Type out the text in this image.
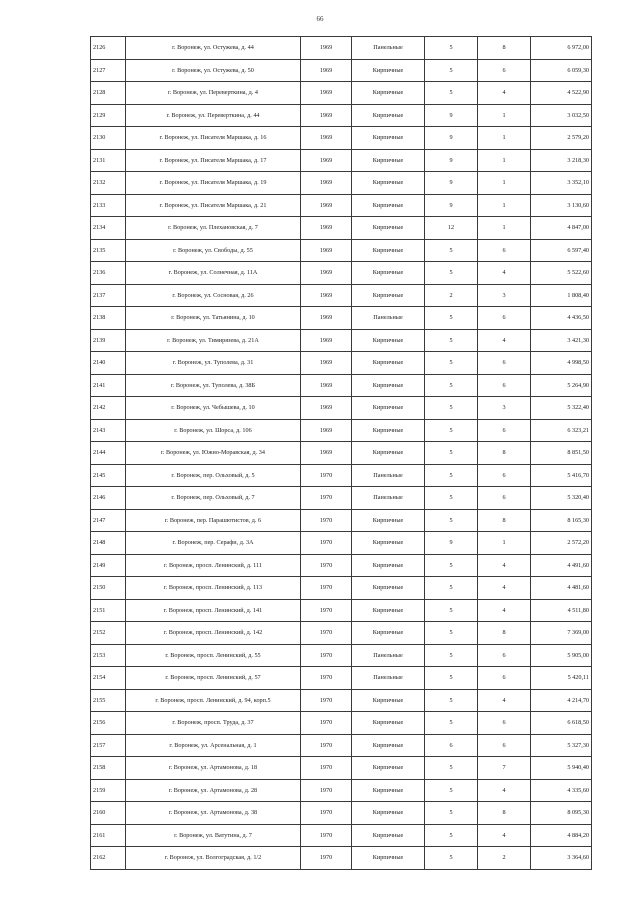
66
2126	г. Воронеж, ул. Остужева, д. 44	1969	Панельные	5	8	6 972,00
2127	г. Воронеж, ул. Остужева, д. 50	1969	Кирпичные	5	6	6 059,30
2128	г. Воронеж, ул. Переверткина, д. 4	1969	Кирпичные	5	4	4 522,90
2129	г. Воронеж, ул. Переверткина, д. 44	1969	Кирпичные	9	1	3 032,50
2130	г. Воронеж, ул. Писателя Маршака, д. 16	1969	Кирпичные	9	1	2 579,20
2131	г. Воронеж, ул. Писателя Маршака, д. 17	1969	Кирпичные	9	1	3 218,30
2132	г. Воронеж, ул. Писателя Маршака, д. 19	1969	Кирпичные	9	1	3 352,10
2133	г. Воронеж, ул. Писателя Маршака, д. 21	1969	Кирпичные	9	1	3 130,60
2134	г. Воронеж, ул. Плехановская, д. 7	1969	Кирпичные	12	1	4 847,00
2135	г. Воронеж, ул. Свободы, д. 55	1969	Кирпичные	5	6	6 597,40
2136	г. Воронеж, ул. Солнечная, д. 11А	1969	Кирпичные	5	4	5 522,60
2137	г. Воронеж, ул. Сосновая, д. 26	1969	Кирпичные	2	3	1 808,40
2138	г. Воронеж, ул. Татьянина, д. 10	1969	Панельные	5	6	4 436,50
2139	г. Воронеж, ул. Тимирязева, д. 21А	1969	Кирпичные	5	4	3 421,30
2140	г. Воронеж, ул. Туполева, д. 31	1969	Кирпичные	5	6	4 998,50
2141	г. Воронеж, ул. Туполева, д. 38Б	1969	Кирпичные	5	6	5 264,90
2142	г. Воронеж, ул. Чебышева, д. 10	1969	Кирпичные	5	3	5 322,40
2143	г. Воронеж, ул. Шорса, д. 106	1969	Кирпичные	5	6	6 323,21
2144	г. Воронеж, ул. Южно-Моравская, д. 34	1969	Кирпичные	5	8	8 851,50
2145	г. Воронеж, пер. Ольховый, д. 5	1970	Панельные	5	6	5 416,70
2146	г. Воронеж, пер. Ольховый, д. 7	1970	Панельные	5	6	5 320,40
2147	г. Воронеж, пер. Парашютистов, д. 6	1970	Кирпичные	5	8	8 165,30
2148	г. Воронеж, пер. Серафи, д. 3А	1970	Кирпичные	9	1	2 572,20
2149	г. Воронеж, просп. Ленинский, д. 111	1970	Кирпичные	5	4	4 491,60
2150	г. Воронеж, просп. Ленинский, д. 113	1970	Кирпичные	5	4	4 481,60
2151	г. Воронеж, просп. Ленинский, д. 141	1970	Кирпичные	5	4	4 511,80
2152	г. Воронеж, просп. Ленинский, д. 142	1970	Кирпичные	5	8	7 369,00
2153	г. Воронеж, просп. Ленинский, д. 55	1970	Панельные	5	6	5 905,00
2154	г. Воронеж, просп. Ленинский, д. 57	1970	Панельные	5	6	5 420,11
2155	г. Воронеж, просп. Ленинский, д. 94, корп.5	1970	Кирпичные	5	4	4 214,70
2156	г. Воронеж, просп. Труда, д. 37	1970	Кирпичные	5	6	6 618,50
2157	г. Воронеж, ул. Арсенальная, д. 1	1970	Кирпичные	6	6	5 327,30
2158	г. Воронеж, ул. Артамонова, д. 18	1970	Кирпичные	5	7	5 940,40
2159	г. Воронеж, ул. Артамонова, д. 28	1970	Кирпичные	5	4	4 335,60
2160	г. Воронеж, ул. Артамонова, д. 38	1970	Кирпичные	5	8	8 095,30
2161	г. Воронеж, ул. Ватутина, д. 7	1970	Кирпичные	5	4	4 884,20
2162	г. Воронеж, ул. Волгоградская, д. 1/2	1970	Кирпичные	5	2	3 364,60
